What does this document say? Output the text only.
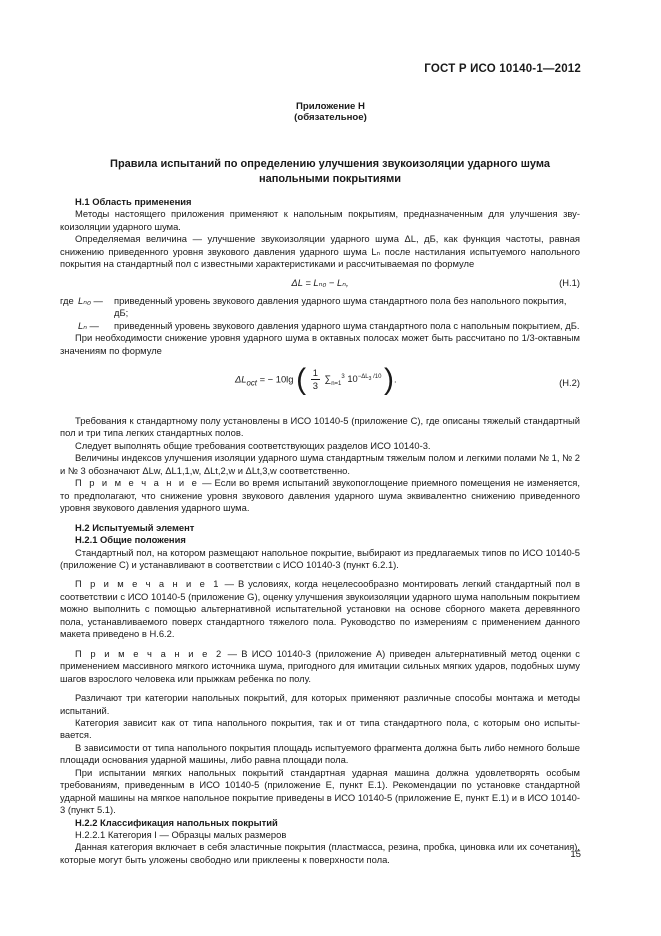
ГОСТ Р ИСО 10140-1—2012
Приложение Н
(обязательное)
Правила испытаний по определению улучшения звукоизоляции ударного шума
напольными покрытиями

Н.1 Область применения

Методы настоящего приложения применяют к напольным покрытиям, предназначенным для улучшения звукоизоляции ударного шума.

Определяемая величина — улучшение звукоизоляции ударного шума ΔL, дБ, как функция частоты, равная снижению приведенного уровня звукового давления ударного шума Lₙ после настилания испытуемого напольного покрытия на стандартный пол с известными характеристиками и рассчитываемая по формуле

ΔL = Lₙ₀ − Lₙ,	(Н.1)
где Lₙ₀ —	приведенный уровень звукового давления ударного шума стандартного пола без напольного покрытия, дБ;
Lₙ —	приведенный уровень звукового давления ударного шума стандартного пола с напольным покрытием, дБ.

При необходимости снижение уровня ударного шума в октавных полосах может быть рассчитано по 1/3-октавным значениям по формуле

$\Delta L_{oct}$ = − 10lg ( $\frac{1}{3} \sum_{n=1}^3$ $10^{-\Delta L_3 /10}$ ).	(Н.2)

Требования к стандартному полу установлены в ИСО 10140-5 (приложение С), где описаны тяжелый стандартный пол и три типа легких стандартных полов.

Следует выполнять общие требования соответствующих разделов ИСО 10140-3.

Величины индексов улучшения изоляции ударного шума стандартным тяжелым полом и легкими полами № 1, № 2 и № 3 обозначают ΔLw, ΔL1,1,w, ΔLt,2,w и ΔLt,3,w соответственно.

П р и м е ч а н и е — Если во время испытаний звукопоглощение приемного помещения не изменяется, то предполагают, что снижение уровня звукового давления ударного шума эквивалентно снижению приведенного уровня звукового давления ударного шума.

Н.2 Испытуемый элемент

Н.2.1 Общие положения

Стандартный пол, на котором размещают напольное покрытие, выбирают из предлагаемых типов по ИСО 10140-5 (приложение С) и устанавливают в соответствии с ИСО 10140-3 (пункт 6.2.1).

П р и м е ч а н и е 1 — В условиях, когда нецелесообразно монтировать легкий стандартный пол в соответствии с ИСО 10140-5 (приложение G), оценку улучшения звукоизоляции ударного шума напольным покрытием можно выполнить с помощью альтернативной испытательной установки на основе сборного макета деревянного пола, устанавливаемого поверх стандартного тяжелого пола. Руководство по измерениям с применением данного макета приведено в Н.6.2.

П р и м е ч а н и е 2 — В ИСО 10140-3 (приложение А) приведен альтернативный метод оценки с применением массивного мягкого источника шума, пригодного для имитации сильных мягких ударов, подобных шуму шагов взрослого человека или прыжкам ребенка по полу.

Различают три категории напольных покрытий, для которых применяют различные способы монтажа и методы испытаний.

Категория зависит как от типа напольного покрытия, так и от типа стандартного пола, с которым оно испытывается.

В зависимости от типа напольного покрытия площадь испытуемого фрагмента должна быть либо немного больше площади основания ударной машины, либо равна площади пола.

При испытании мягких напольных покрытий стандартная ударная машина должна удовлетворять особым требованиям, приведенным в ИСО 10140-5 (приложение Е, пункт Е.1). Рекомендации по установке стандартной ударной машины на мягкое напольное покрытие приведены в ИСО 10140-5 (приложение Е, пункт Е.1) и в ИСО 10140-3 (пункт 5.1).

Н.2.2 Классификация напольных покрытий

Н.2.2.1 Категория I — Образцы малых размеров

Данная категория включает в себя эластичные покрытия (пластмасса, резина, пробка, циновка или их сочетания), которые могут быть уложены свободно или приклеены к поверхности пола.	15
